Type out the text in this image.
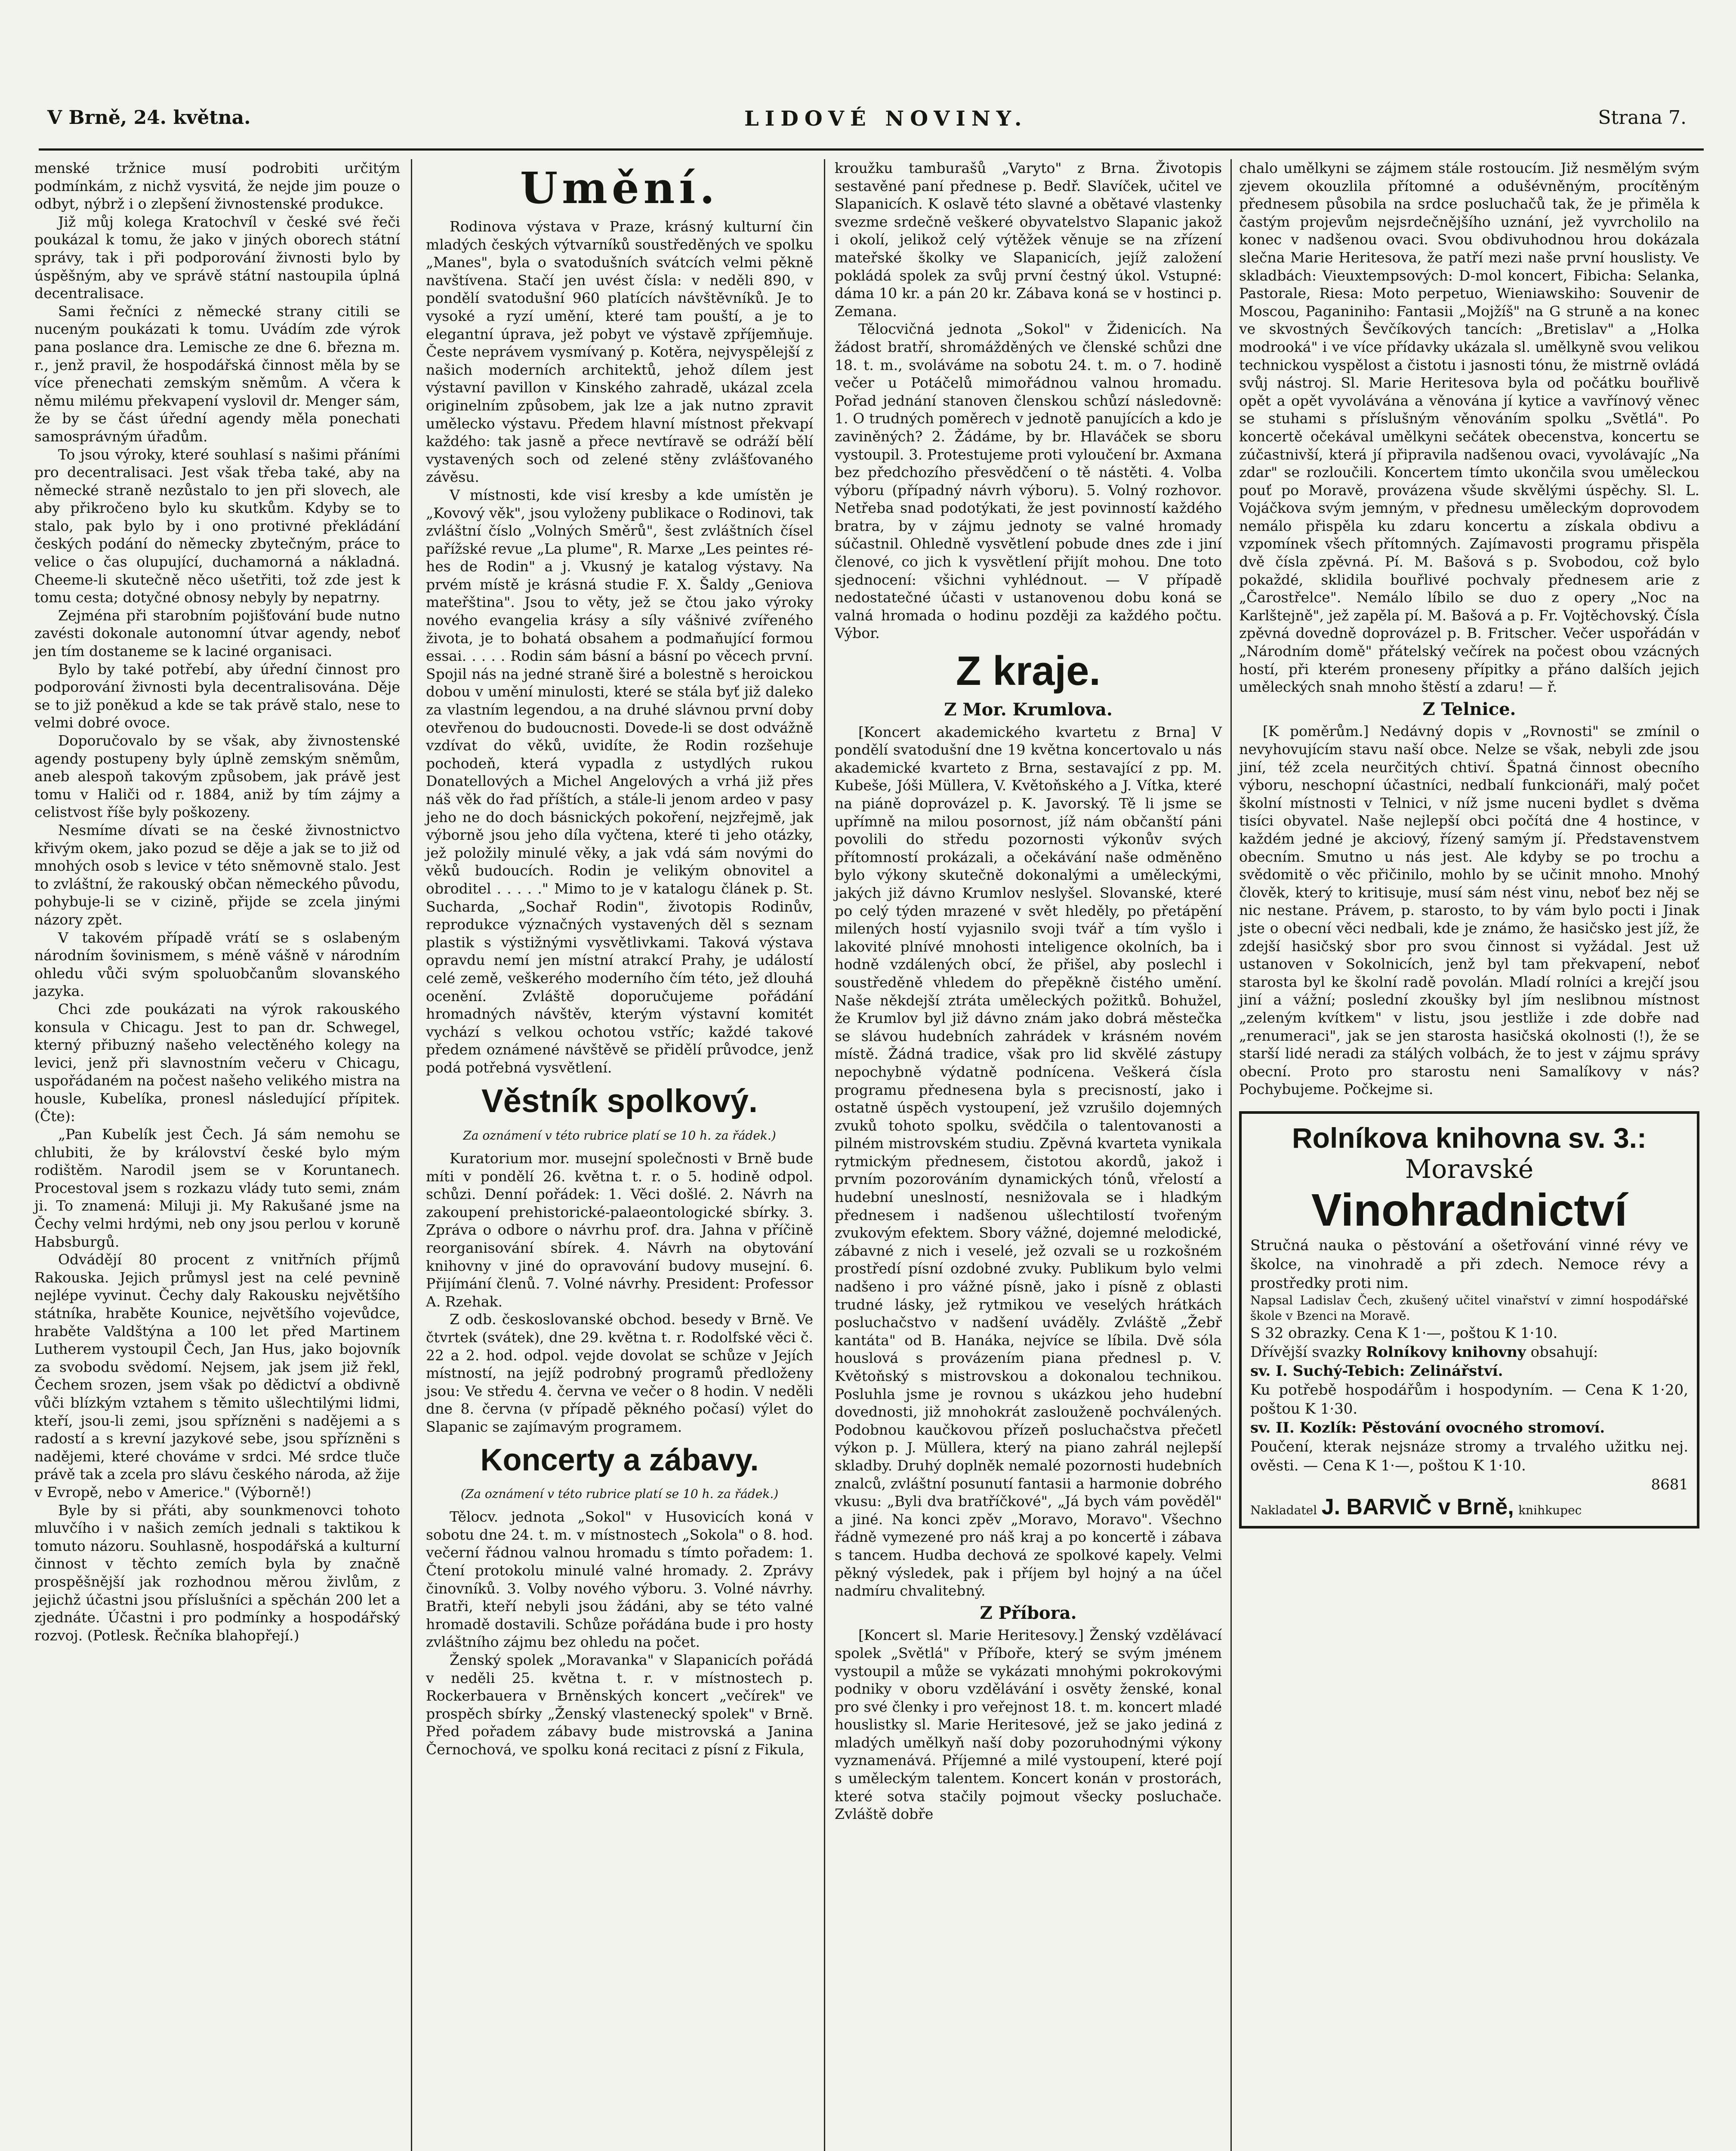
V Brně, 24. května.	LIDOVÉ NOVINY.	Strana 7.

menské tržnice musí podrobiti určitým podmínkám, z nichž vysvitá, že nejde jim pouze o odbyt, nýbrž i o zlepšení živnostenské produkce.

Již můj kolega Kratochvíl v české své řeči poukázal k tomu, že jako v jiných oborech státní správy, tak i při podporování živnosti bylo by úspěšným, aby ve správě státní nastoupila úplná decentralisace.

Sami řečníci z německé strany citili se nuceným poukázati k tomu. Uvádím zde výrok pana poslance dra. Lemische ze dne 6. března m. r., jenž pravil, že hospodářská činnost měla by se více přenechati zemským sněmům. A včera k němu milému překvapení vyslovil dr. Menger sám, že by se část úřední agendy měla ponechati samosprávným úřadům.

To jsou výroky, které souhlasí s našimi přáními pro decentralisaci. Jest však třeba také, aby na německé straně nezůstalo to jen při slovech, ale aby přikročeno bylo ku skutkům. Kdyby se to stalo, pak bylo by i ono protivné překládání českých podání do německy zbytečným, práce to velice o čas olupující, duchamorná a nákladná. Cheeme-li skutečně něco ušetřiti, tož zde jest k tomu cesta; dotyčné obnosy nebyly by nepatrny.

Zejména při starobním pojišťování bude nutno zavésti dokonale autonomní útvar agendy, neboť jen tím dostaneme se k laciné organisaci.

Bylo by také potřebí, aby úřední činnost pro podporování živnosti byla decentralisována. Děje se to již poněkud a kde se tak právě stalo, nese to velmi dobré ovoce.

Doporučovalo by se však, aby živnostenské agendy postupeny byly úplně zemským sněmům, aneb alespoň takovým způsobem, jak právě jest tomu v Haliči od r. 1884, aniž by tím zájmy a celistvost říše byly poškozeny.

Nesmíme dívati se na české živnostnictvo křivým okem, jako pozud se děje a jak se to již od mnohých osob s levice v této sněmovně stalo. Jest to zvláštní, že rakouský občan německého původu, pohybuje-li se v cizině, přijde se zcela jinými názory zpět.

V takovém případě vrátí se s oslabeným národním šovinismem, s méně vášně v národním ohledu vůči svým spoluobčanům slovanského jazyka.

Chci zde poukázati na výrok rakouského konsula v Chicagu. Jest to pan dr. Schwegel, kterný přibuzný našeho velectěného kolegy na levici, jenž při slavnostním večeru v Chicagu, uspořádaném na počest našeho velikého mistra na housle, Kubelíka, pronesl následující přípitek. (Čte):

„Pan Kubelík jest Čech. Já sám nemohu se chlubiti, že by království české bylo mým rodištěm. Narodil jsem se v Koruntanech. Procestoval jsem s rozkazu vlády tuto semi, znám ji. To znamená: Miluji ji. My Rakušané jsme na Čechy velmi hrdými, neb ony jsou perlou v koruně Habsburgů.

Odvádějí 80 procent z vnitřních příjmů Rakouska. Jejich průmysl jest na celé pevnině nejlépe vyvinut. Čechy daly Rakousku největšího státníka, hraběte Kounice, největšího vojevůdce, hraběte Valdštýna a 100 let před Martinem Lutherem vystoupil Čech, Jan Hus, jako bojovník za svobodu svědomí. Nejsem, jak jsem již řekl, Čechem srozen, jsem však po dědictví a obdivně vůči blízkým vztahem s těmito ušlechtilými lidmi, kteří, jsou-li zemi, jsou spřízněni s nadějemi a s radostí a s krevní jazykové sebe, jsou spřízněni s nadějemi, které chováme v srdci. Mé srdce tluče právě tak a zcela pro slávu českého národa, až žije v Evropě, nebo v Americe." (Výborně!)

Byle by si přáti, aby sounkmenovci tohoto mluvčího i v našich zemích jednali s taktikou k tomuto názoru. Souhlasně, hospodářská a kulturní činnost v těchto zemích byla by značně prospěšnější jak rozhodnou měrou živlům, z jejichž účastni jsou příslušníci a spěchán 200 let a zjednáte. Účastni i pro podmínky a hospodářský rozvoj. (Potlesk. Řečníka blahopřejí.)

Umění.

Rodinova výstava v Praze, krásný kulturní čin mladých českých výtvarníků soustředěných ve spolku „Manes", byla o svatodušních svátcích velmi pěkně navštívena. Stačí jen uvést čísla: v neděli 890, v pondělí svatodušní 960 platících návštěvníků. Je to vysoké a ryzí umění, které tam pouští, a je to elegantní úprava, jež pobyt ve výstavě zpříjemňuje. Česte neprávem vysmívaný p. Kotěra, nejvyspělejší z našich moderních architektů, jehož dílem jest výstavní pavillon v Kinského zahradě, ukázal zcela originelním způsobem, jak lze a jak nutno zpravit umělecko výstavu. Předem hlavní místnost překvapí každého: tak jasně a přece nevtíravě se odráží bělí vystavených soch od zelené stěny zvlášťovaného závěsu.

V místnosti, kde visí kresby a kde umístěn je „Kovový věk", jsou vyloženy publikace o Rodinovi, tak zvláštní číslo „Volných Směrů", šest zvláštních čísel pařížské revue „La plume", R. Marxe „Les peintes ré-hes de Rodin" a j. Vkusný je katalog výstavy. Na prvém místě je krásná studie F. X. Šaldy „Geniova mateřština". Jsou to věty, jež se čtou jako výroky nového evangelia krásy a síly vášnivé zvířeného života, je to bohatá obsahem a podmaňující formou essai. . . . . Rodin sám básní a básní po věcech první. Spojil nás na jedné straně širé a bolestně s heroickou dobou v umění minulosti, které se stála byť již daleko za vlastním legendou, a na druhé slávnou první doby otevřenou do budoucnosti. Dovede-li se dost odvážně vzdívat do věků, uvidíte, že Rodin rozšehuje pochodeň, která vypadla z ustydlých rukou Donatellových a Michel Angelových a vrhá již přes náš věk do řad příštích, a stále-li jenom ardeo v pasy jeho ne do doch básnických pokoření, nejzřejmě, jak výborně jsou jeho díla vyčtena, které ti jeho otázky, jež položily minulé věky, a jak vdá sám novými do věků budoucích. Rodin je velikým obnovitel a obroditel . . . . ." Mimo to je v katalogu článek p. St. Sucharda, „Sochař Rodin", životopis Rodinův, reprodukce význačných vystavených děl s seznam plastik s výstižnými vysvětlivkami. Taková výstava opravdu nemí jen místní atrakcí Prahy, je událostí celé země, veškerého moderního čím této, jež dlouhá ocenění. Zvláště doporučujeme pořádání hromadných návštěv, kterým výstavní komitét vychází s velkou ochotou vstříc; každé takové předem oznámené návštěvě se přidělí průvodce, jenž podá potřebná vysvětlení.

Věstník spolkový.
Za oznámení v této rubrice platí se 10 h. za řádek.)

Kuratorium mor. musejní společnosti v Brně bude míti v pondělí 26. května t. r. o 5. hodině odpol. schůzi. Denní pořádek: 1. Věci došlé. 2. Návrh na zakoupení prehistorické-palaeontologické sbírky. 3. Zpráva o odbore o návrhu prof. dra. Jahna v příčině reorganisování sbírek. 4. Návrh na obytování knihovny v jiné do opravování budovy musejní. 6. Přijímání členů. 7. Volné návrhy. President: Professor A. Rzehak.

Z odb. českoslovanské obchod. besedy v Brně. Ve čtvrtek (svátek), dne 29. května t. r. Rodolfské věci č. 22 a 2. hod. odpol. vejde dovolat se schůze v Jejích místností, na jejíž podrobný programů předloženy jsou: Ve středu 4. června ve večer o 8 hodin. V neděli dne 8. června (v případě pěkného počasí) výlet do Slapanic se zajímavým programem.

Koncerty a zábavy.
(Za oznámení v této rubrice platí se 10 h. za řádek.)

Tělocv. jednota „Sokol" v Husovicích koná v sobotu dne 24. t. m. v místnostech „Sokola" o 8. hod. večerní řádnou valnou hromadu s tímto pořadem: 1. Čtení protokolu minulé valné hromady. 2. Zprávy činovníků. 3. Volby nového výboru. 3. Volné návrhy. Bratři, kteří nebyli jsou žádáni, aby se této valné hromadě dostavili. Schůze pořádána bude i pro hosty zvláštního zájmu bez ohledu na počet.

Ženský spolek „Moravanka" v Slapanicích pořádá v neděli 25. května t. r. v místnostech p. Rockerbauera v Brněnských koncert „večírek" ve prospěch sbírky „Ženský vlastenecký spolek" v Brně. Před pořadem zábavy bude mistrovská a Janina Černochová, ve spolku koná recitaci z písní z Fikula,

kroužku tamburašů „Varyto" z Brna. Životopis sestavěné paní přednese p. Bedř. Slavíček, učitel ve Slapanicích. K oslavě této slavné a obětavé vlastenky svezme srdečně veškeré obyvatelstvo Slapanic jakož i okolí, jelikož celý výtěžek věnuje se na zřízení mateřské školky ve Slapanicích, jejíž založení pokládá spolek za svůj první čestný úkol. Vstupné: dáma 10 kr. a pán 20 kr. Zábava koná se v hostinci p. Zemana.

Tělocvičná jednota „Sokol" v Židenicích. Na žádost bratří, shromážděných ve členské schůzi dne 18. t. m., svoláváme na sobotu 24. t. m. o 7. hodině večer u Potáčelů mimořádnou valnou hromadu. Pořad jednání stanoven členskou schůzí následovně: 1. O trudných poměrech v jednotě panujících a kdo je zaviněných? 2. Žádáme, by br. Hlaváček se sboru vystoupil. 3. Protestujeme proti vyloučení br. Axmana bez předchozího přesvědčení o tě nástěti. 4. Volba výboru (případný návrh výboru). 5. Volný rozhovor. Netřeba snad podotýkati, že jest povinností každého bratra, by v zájmu jednoty se valné hromady súčastnil. Ohledně vysvětlení pobude dnes zde i jiní členové, co jich k vysvětlení přijít mohou. Dne toto sjednocení: všichni vyhlédnout. — V případě nedostatečné účasti v ustanovenou dobu koná se valná hromada o hodinu později za každého počtu. Výbor.

Z kraje.
Z Mor. Krumlova.

[Koncert akademického kvartetu z Brna] V pondělí svatodušní dne 19 května koncertovalo u nás akademické kvarteto z Brna, sestavající z pp. M. Kubeše, Jóši Müllera, V. Květoňského a J. Vítka, které na piáně doprovázel p. K. Javorský. Tě li jsme se upřímně na milou posornost, jíž nám občanští páni povolili do středu pozornosti výkonův svých přítomností prokázali, a očekávání naše odměněno bylo výkony skutečně dokonalými a uměleckými, jakých již dávno Krumlov neslyšel. Slovanské, které po celý týden mrazené v svět hleděly, po přetápění milených hostí vyjasnilo svoji tvář a tím vyšlo i lakovité plnívé mnohosti inteligence okolních, ba i hodně vzdálených obcí, že přišel, aby poslechl i soustředěně vhledem do přepěkně čistého umění. Naše někdejší ztráta uměleckých požitků. Bohužel, že Krumlov byl již dávno znám jako dobrá městečka se slávou hudebních zahrádek v krásném novém místě. Žádná tradice, však pro lid skvělé zástupy nepochybně výdatně podnícena. Veškerá čísla programu přednesena byla s precisností, jako i ostatně úspěch vystoupení, jež vzrušilo dojemných zvuků tohoto spolku, svědčila o talentovanosti a pilném mistrovském studiu. Zpěvná kvarteta vynikala rytmickým přednesem, čistotou akordů, jakož i prvním pozorováním dynamických tónů, vřelostí a hudební uneslností, nesnižovala se i hladkým přednesem i nadšenou ušlechtilostí tvořeným zvukovým efektem. Sbory vážné, dojemné melodické, zábavné z nich i veselé, jež ozvali se u rozkošném prostředí písní ozdobné zvuky. Publikum bylo velmi nadšeno i pro vážné písně, jako i písně z oblasti trudné lásky, jež rytmikou ve veselých hrátkách posluchačstvo v nadšení uváděly. Zvláště „Žebř kantáta" od B. Hanáka, nejvíce se líbila. Dvě sóla houslová s provázením piana přednesl p. V. Květoňský s mistrovskou a dokonalou technikou. Posluhla jsme je rovnou s ukázkou jeho hudební dovednosti, již mnohokrát zaslouženě pochválených. Podobnou kaučkovou přízeň posluchačstva přečetl výkon p. J. Müllera, který na piano zahrál nejlepší skladby. Druhý doplněk nemalé pozornosti hudebních znalců, zvláštní posunutí fantasii a harmonie dobrého vkusu: „Byli dva bratříčkové", „Já bych vám pověděl" a jiné. Na konci zpěv „Moravo, Moravo". Všechno řádně vymezené pro náš kraj a po koncertě i zábava s tancem. Hudba dechová ze spolkové kapely. Velmi pěkný výsledek, pak i příjem byl hojný a na účel nadmíru chvalitebný.

Z Příbora.

[Koncert sl. Marie Heritesovy.] Ženský vzdělávací spolek „Světlá" v Příboře, který se svým jménem vystoupil a může se vykázati mnohými pokrokovými podniky v oboru vzdělávání i osvěty ženské, konal pro své členky i pro veřejnost 18. t. m. koncert mladé houslistky sl. Marie Heritesové, jež se jako jediná z mladých umělkyň naší doby pozoruhodnými výkony vyznamenává. Příjemné a milé vystoupení, které pojí s uměleckým talentem. Koncert konán v prostorách, které sotva stačily pojmout všecky posluchače. Zvláště dobře

chalo umělkyni se zájmem stále rostoucím. Již nesmělým svým zjevem okouzlila přítomné a odušévněným, procítěným přednesem působila na srdce posluchačů tak, že je přiměla k častým projevům nejsrdečnějšího uznání, jež vyvrcholilo na konec v nadšenou ovaci. Svou obdivuhodnou hrou dokázala slečna Marie Heritesova, že patří mezi naše první houslisty. Ve skladbách: Vieuxtempsových: D-mol koncert, Fibicha: Selanka, Pastorale, Riesa: Moto perpetuo, Wieniawskiho: Souvenir de Moscou, Paganiniho: Fantasii „Mojžíš" na G struně a na konec ve skvostných Ševčíkových tancích: „Bretislav" a „Holka modrooká" i ve více přídavky ukázala sl. umělkyně svou velikou technickou vyspělost a čistotu i jasnosti tónu, že mistrně ovládá svůj nástroj. Sl. Marie Heritesova byla od počátku bouřlivě opět a opět vyvolávána a věnována jí kytice a vavřínový věnec se stuhami s příslušným věnováním spolku „Světlá". Po koncertě očekával umělkyni sečátek obecenstva, koncertu se zúčastnivší, která jí připravila nadšenou ovaci, vyvolávajíc „Na zdar" se rozloučili. Koncertem tímto ukončila svou uměleckou pouť po Moravě, provázena všude skvělými úspěchy. Sl. L. Vojáčkova svým jemným, v přednesu uměleckým doprovodem nemálo přispěla ku zdaru koncertu a získala obdivu a vzpomínek všech přítomných. Zajímavosti programu přispěla dvě čísla zpěvná. Pí. M. Bašová s p. Svobodou, což bylo pokaždé, sklidila bouřlivé pochvaly přednesem arie z „Čarostřelce". Nemálo líbilo se duo z opery „Noc na Karlštejně", jež zapěla pí. M. Bašová a p. Fr. Vojtěchovský. Čísla zpěvná dovedně doprovázel p. B. Fritscher. Večer uspořádán v „Národním domě" přátelský večírek na počest obou vzácných hostí, při kterém proneseny přípitky a přáno dalších jejich uměleckých snah mnoho štěstí a zdaru! — ř.

Z Telnice.

[K poměrům.] Nedávný dopis v „Rovnosti" se zmínil o nevyhovujícím stavu naší obce. Nelze se však, nebyli zde jsou jiní, též zcela neurčitých chtiví. Špatná činnost obecního výboru, neschopní účastníci, nedbalí funkcionáři, malý počet školní místnosti v Telnici, v níž jsme nuceni bydlet s dvěma tisíci obyvatel. Naše nejlepší obci počítá dne 4 hostince, v každém jedné je akciový, řízený samým jí. Představenstvem obecním. Smutno u nás jest. Ale kdyby se po trochu a svědomitě o věc přičinilo, mohlo by se učinit mnoho. Mnohý člověk, který to kritisuje, musí sám nést vinu, neboť bez něj se nic nestane. Právem, p. starosto, to by vám bylo pocti i Jinak jste o obecní věci nedbali, kde je známo, že hasičsko jest jíž, že zdejší hasičský sbor pro svou činnost si vyžádal. Jest už ustanoven v Sokolnicích, jenž byl tam překvapení, neboť starosta byl ke školní radě povolán. Mladí rolníci a krejčí jsou jiní a vážní; poslední zkoušky byl jím neslibnou místnost „zeleným kvítkem" v listu, jsou jestliže i zde dobře nad „renumeraci", jak se jen starosta hasičská okolnosti (!), že se starší lidé neradi za stálých volbách, že to jest v zájmu správy obecní. Proto pro starostu neni Samalíkovy v nás? Pochybujeme. Počkejme si.

Rolníkova knihovna sv. 3.:
Moravské
Vinohradnictví
Stručná nauka o pěstování a ošetřování vinné révy ve školce, na vinohradě a při zdech. Nemoce révy a prostředky proti nim.
Napsal Ladislav Čech, zkušený učitel vinařství v zimní hospodářské škole v Bzenci na Moravě.
S 32 obrazky. Cena K 1·—, poštou K 1·10.
Dřívější svazky Rolníkovy knihovny obsahují:
sv. I. Suchý-Tebich: Zelinářství.
Ku potřebě hospodářům i hospodyním. — Cena K 1·20, poštou K 1·30.
sv. II. Kozlík: Pěstování ovocného stromoví.
Poučení, kterak nejsnáze stromy a trvalého užitku nej. ověsti. — Cena K 1·—, poštou K 1·10.
8681
Nakladatel J. BARVIČ v Brně, knihkupec
